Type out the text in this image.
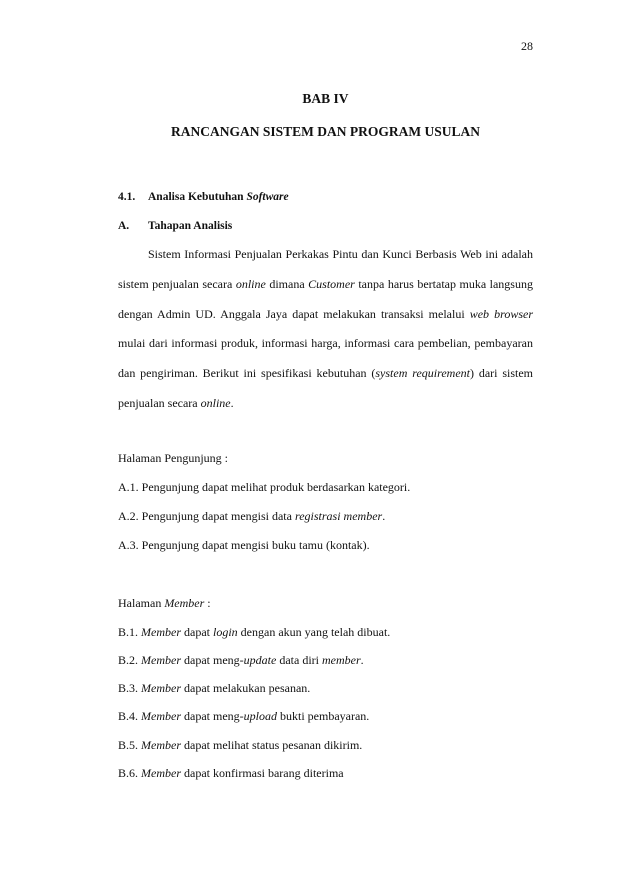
28
BAB IV
RANCANGAN SISTEM DAN PROGRAM USULAN
4.1. Analisa Kebutuhan Software
A. Tahapan Analisis
Sistem Informasi Penjualan Perkakas Pintu dan Kunci Berbasis Web ini adalah sistem penjualan secara online dimana Customer tanpa harus bertatap muka langsung dengan Admin UD. Anggala Jaya dapat melakukan transaksi melalui web browser mulai dari informasi produk, informasi harga, informasi cara pembelian, pembayaran dan pengiriman. Berikut ini spesifikasi kebutuhan (system requirement) dari sistem penjualan secara online.
Halaman Pengunjung :
A.1. Pengunjung dapat melihat produk berdasarkan kategori.
A.2. Pengunjung dapat mengisi data registrasi member.
A.3. Pengunjung dapat mengisi buku tamu (kontak).
Halaman Member :
B.1. Member dapat login dengan akun yang telah dibuat.
B.2. Member dapat meng-update data diri member.
B.3. Member dapat melakukan pesanan.
B.4. Member dapat meng-upload bukti pembayaran.
B.5. Member dapat melihat status pesanan dikirim.
B.6. Member dapat konfirmasi barang diterima
